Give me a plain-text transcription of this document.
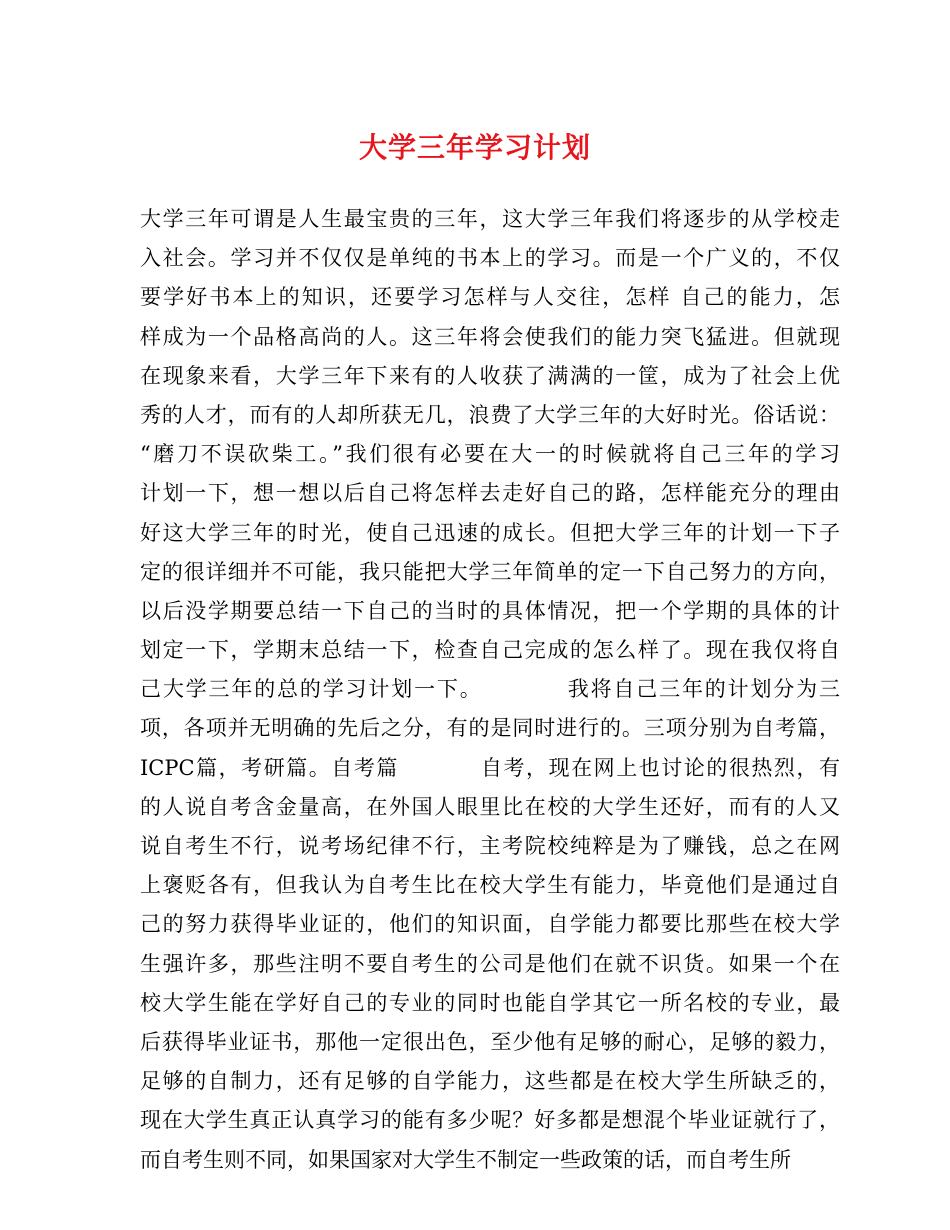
大学三年学习计划
大学三年可谓是人生最宝贵的三年，这大学三年我们将逐步的从学校走
入社会。学习并不仅仅是单纯的书本上的学习。而是一个广义的，不仅
要学好书本上的知识，还要学习怎样与人交往，怎样 自己的能力，怎
样成为一个品格高尚的人。这三年将会使我们的能力突飞猛进。但就现
在现象来看，大学三年下来有的人收获了满满的一筐，成为了社会上优
秀的人才，而有的人却所获无几，浪费了大学三年的大好时光。俗话说：
“磨刀不误砍柴工。”我们很有必要在大一的时候就将自己三年的学习
计划一下，想一想以后自己将怎样去走好自己的路，怎样能充分的理由
好这大学三年的时光，使自己迅速的成长。但把大学三年的计划一下子
定的很详细并不可能，我只能把大学三年简单的定一下自己努力的方向，
以后没学期要总结一下自己的当时的具体情况，把一个学期的具体的计
划定一下，学期末总结一下，检查自己完成的怎么样了。现在我仅将自
己大学三年的总的学习计划一下。          我将自己三年的计划分为三
项，各项并无明确的先后之分，有的是同时进行的。三项分别为自考篇，
ICPC篇，考研篇。自考篇          自考，现在网上也讨论的很热烈，有
的人说自考含金量高，在外国人眼里比在校的大学生还好，而有的人又
说自考生不行，说考场纪律不行，主考院校纯粹是为了赚钱，总之在网
上褒贬各有，但我认为自考生比在校大学生有能力，毕竟他们是通过自
己的努力获得毕业证的，他们的知识面，自学能力都要比那些在校大学
生强许多，那些注明不要自考生的公司是他们在就不识货。如果一个在
校大学生能在学好自己的专业的同时也能自学其它一所名校的专业，最
后获得毕业证书，那他一定很出色，至少他有足够的耐心，足够的毅力，
足够的自制力，还有足够的自学能力，这些都是在校大学生所缺乏的，
现在大学生真正认真学习的能有多少呢？好多都是想混个毕业证就行了，
而自考生则不同，如果国家对大学生不制定一些政策的话，而自考生所
